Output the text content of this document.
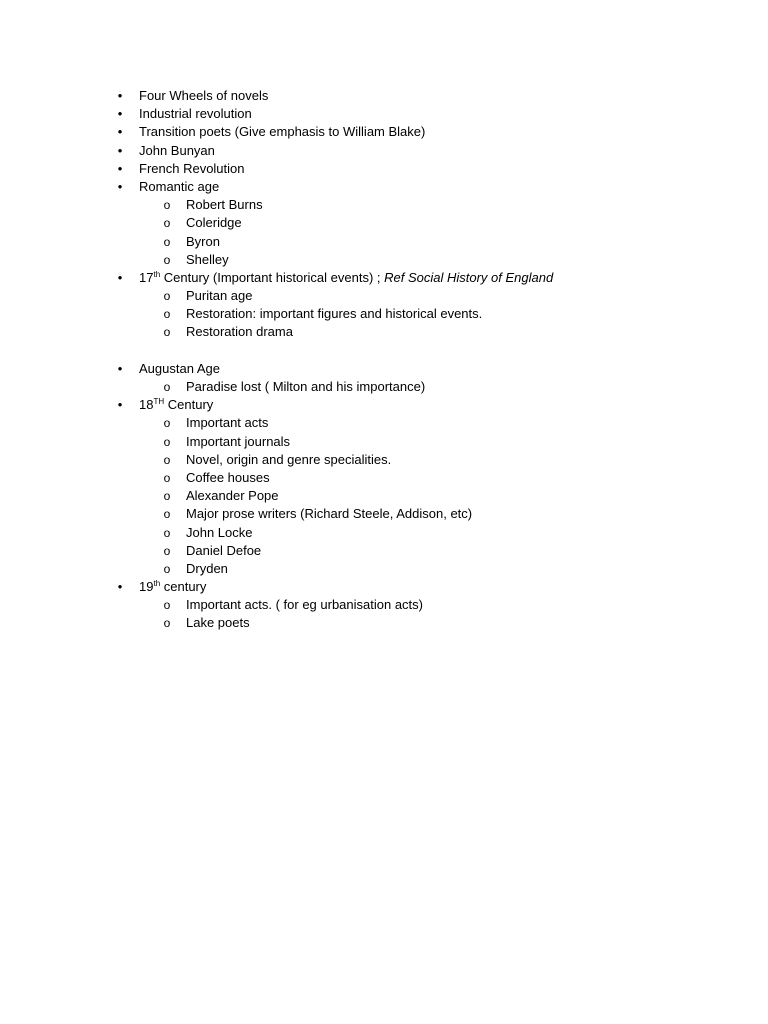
• Four Wheels of novels
• Industrial revolution
• Transition poets (Give emphasis to William Blake)
• John Bunyan
• French Revolution
• Romantic age
o Robert Burns
o Coleridge
o Byron
o Shelley
• 17th Century (Important historical events) ; Ref Social History of England
o Puritan age
o Restoration: important figures and historical events.
o Restoration drama
• Augustan Age
o Paradise lost ( Milton and his importance)
• 18TH Century
o Important acts
o Important journals
o Novel, origin and genre specialities.
o Coffee houses
o Alexander Pope
o Major prose writers (Richard Steele, Addison, etc)
o John Locke
o Daniel Defoe
o Dryden
• 19th century
o Important acts. ( for eg urbanisation acts)
o Lake poets
